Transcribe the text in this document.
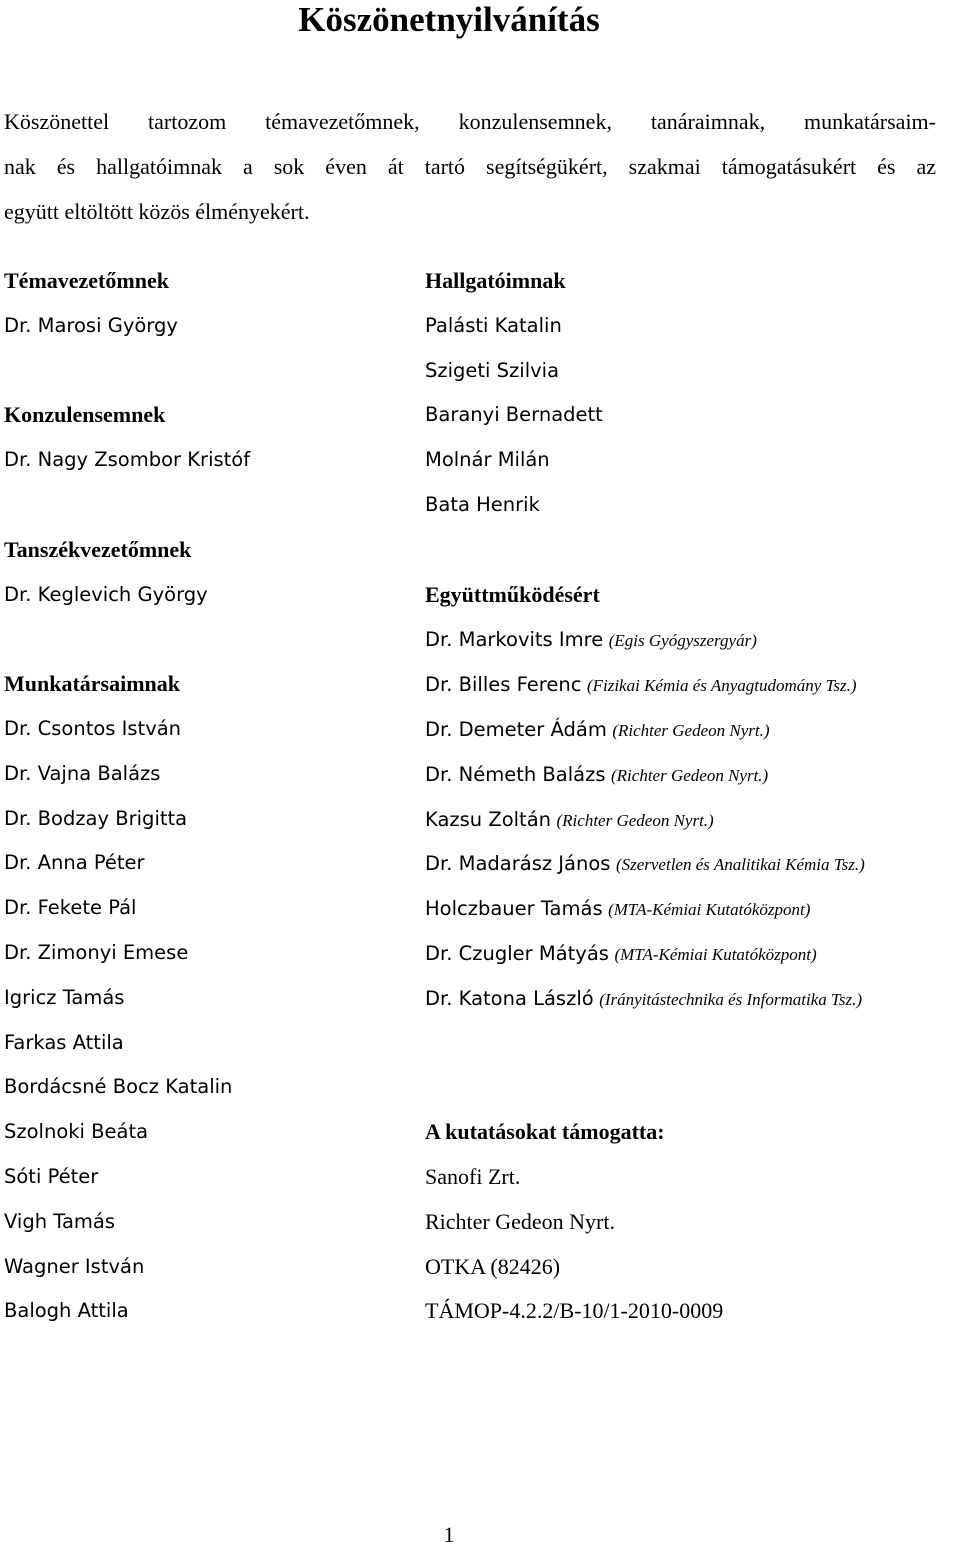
Köszönetnyilvánítás
Köszönettel tartozom témavezetőmnek, konzulensemnek, tanáraimnak, munkatársaim-
nak és hallgatóimnak a sok éven át tartó segítségükért, szakmai támogatásukért és az
együtt eltöltött közös élményekért.
Témavezetőmnek
Dr. Marosi György
Konzulensemnek
Dr. Nagy Zsombor Kristóf
Tanszékvezetőmnek
Dr. Keglevich György
Munkatársaimnak
Dr. Csontos István
Dr. Vajna Balázs
Dr. Bodzay Brigitta
Dr. Anna Péter
Dr. Fekete Pál
Dr. Zimonyi Emese
Igricz Tamás
Farkas Attila
Bordácsné Bocz Katalin
Szolnoki Beáta
Sóti Péter
Vigh Tamás
Wagner István
Balogh Attila
Hallgatóimnak
Palásti Katalin
Szigeti Szilvia
Baranyi Bernadett
Molnár Milán
Bata Henrik
Együttműködésért
Dr. Markovits Imre (Egis Gyógyszergyár)
Dr. Billes Ferenc (Fizikai Kémia és Anyagtudomány Tsz.)
Dr. Demeter Ádám (Richter Gedeon Nyrt.)
Dr. Németh Balázs (Richter Gedeon Nyrt.)
Kazsu Zoltán (Richter Gedeon Nyrt.)
Dr. Madarász János (Szervetlen és Analitikai Kémia Tsz.)
Holczbauer Tamás (MTA-Kémiai Kutatóközpont)
Dr. Czugler Mátyás (MTA-Kémiai Kutatóközpont)
Dr. Katona László (Irányitástechnika és Informatika Tsz.)
A kutatásokat támogatta:
Sanofi Zrt.
Richter Gedeon Nyrt.
OTKA (82426)
TÁMOP-4.2.2/B-10/1-2010-0009
1
